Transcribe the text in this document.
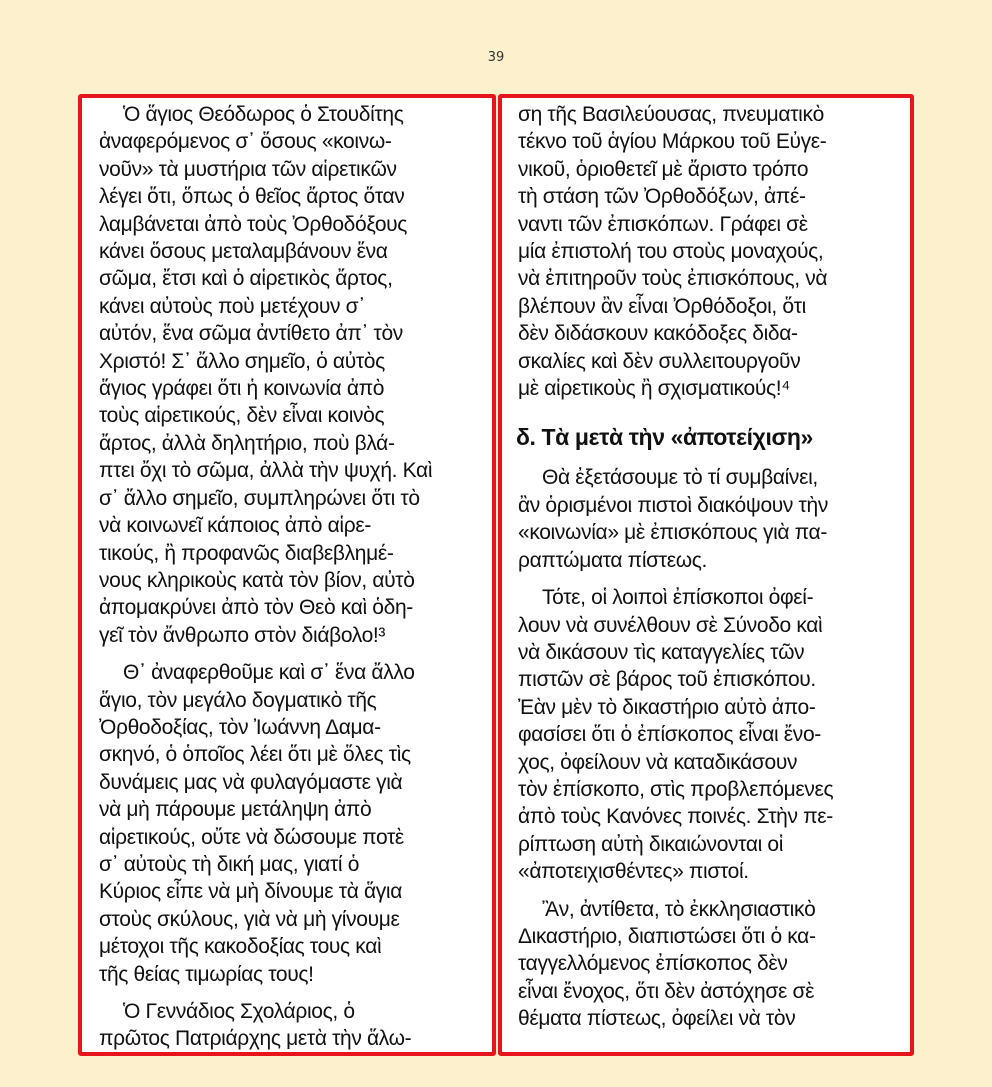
39

Ὁ ἅγιος Θεόδωρος ὁ Στουδίτης
ἀναφερόμενος σ᾽ ὅσους «κοινω-
νοῦν» τὰ μυστήρια τῶν αἱρετικῶν
λέγει ὅτι, ὅπως ὁ θεῖος ἄρτος ὅταν
λαμβάνεται ἀπὸ τοὺς Ὀρθοδόξους
κάνει ὅσους μεταλαμβάνουν ἕνα
σῶμα, ἔτσι καὶ ὁ αἱρετικὸς ἄρτος,
κάνει αὐτοὺς ποὺ μετέχουν σ᾽
αὐτόν, ἕνα σῶμα ἀντίθετο ἀπ᾽ τὸν
Χριστό! Σ᾽ ἄλλο σημεῖο, ὁ αὐτὸς
ἅγιος γράφει ὅτι ἡ κοινωνία ἀπὸ
τοὺς αἱρετικούς, δὲν εἶναι κοινὸς
ἄρτος, ἀλλὰ δηλητήριο, ποὺ βλά-
πτει ὄχι τὸ σῶμα, ἀλλὰ τὴν ψυχή. Καὶ
σ᾽ ἄλλο σημεῖο, συμπληρώνει ὅτι τὸ
νὰ κοινωνεῖ κάποιος ἀπὸ αἱρε-
τικούς, ἢ προφανῶς διαβεβλημέ-
νους κληρικοὺς κατὰ τὸν βίον, αὐτὸ
ἀπομακρύνει ἀπὸ τὸν Θεὸ καὶ ὁδη-
γεῖ τὸν ἄνθρωπο στὸν διάβολο!³

Θ᾽ ἀναφερθοῦμε καὶ σ᾽ ἕνα ἄλλο
ἅγιο, τὸν μεγάλο δογματικὸ τῆς
Ὀρθοδοξίας, τὸν Ἰωάννη Δαμα-
σκηνό, ὁ ὁποῖος λέει ὅτι μὲ ὅλες τὶς
δυνάμεις μας νὰ φυλαγόμαστε γιὰ
νὰ μὴ πάρουμε μετάληψη ἀπὸ
αἱρετικούς, οὔτε νὰ δώσουμε ποτὲ
σ᾽ αὐτοὺς τὴ δική μας, γιατί ὁ
Κύριος εἶπε νὰ μὴ δίνουμε τὰ ἅγια
στοὺς σκύλους, γιὰ νὰ μὴ γίνουμε
μέτοχοι τῆς κακοδοξίας τους καὶ
τῆς θείας τιμωρίας τους!

Ὁ Γεννάδιος Σχολάριος, ὁ
πρῶτος Πατριάρχης μετὰ τὴν ἅλω-

ση τῆς Βασιλεύουσας, πνευματικὸ
τέκνο τοῦ ἁγίου Μάρκου τοῦ Εὐγε-
νικοῦ, ὁριοθετεῖ μὲ ἄριστο τρόπο
τὴ στάση τῶν Ὀρθοδόξων, ἀπέ-
ναντι τῶν ἐπισκόπων. Γράφει σὲ
μία ἐπιστολή του στοὺς μοναχούς,
νὰ ἐπιτηροῦν τοὺς ἐπισκόπους, νὰ
βλέπουν ἂν εἶναι Ὀρθόδοξοι, ὅτι
δὲν διδάσκουν κακόδοξες διδα-
σκαλίες καὶ δὲν συλλειτουργοῦν
μὲ αἱρετικοὺς ἢ σχισματικούς!⁴

δ. Τὰ μετὰ τὴν «ἀποτείχιση»

Θὰ ἐξετάσουμε τὸ τί συμβαίνει,
ἂν ὁρισμένοι πιστοὶ διακόψουν τὴν
«κοινωνία» μὲ ἐπισκόπους γιὰ πα-
ραπτώματα πίστεως.

Τότε, οἱ λοιποὶ ἐπίσκοποι ὀφεί-
λουν νὰ συνέλθουν σὲ Σύνοδο καὶ
νὰ δικάσουν τὶς καταγγελίες τῶν
πιστῶν σὲ βάρος τοῦ ἐπισκόπου.
Ἐὰν μὲν τὸ δικαστήριο αὐτὸ ἀπο-
φασίσει ὅτι ὁ ἐπίσκοπος εἶναι ἔνο-
χος, ὀφείλουν νὰ καταδικάσουν
τὸν ἐπίσκοπο, στὶς προβλεπόμενες
ἀπὸ τοὺς Κανόνες ποινές. Στὴν πε-
ρίπτωση αὐτὴ δικαιώνονται οἱ
«ἀποτειχισθέντες» πιστοί.

Ἂν, ἀντίθετα, τὸ ἐκκλησιαστικὸ
Δικαστήριο, διαπιστώσει ὅτι ὁ κα-
ταγγελλόμενος ἐπίσκοπος δὲν
εἶναι ἔνοχος, ὅτι δὲν ἀστόχησε σὲ
θέματα πίστεως, ὀφείλει νὰ τὸν
